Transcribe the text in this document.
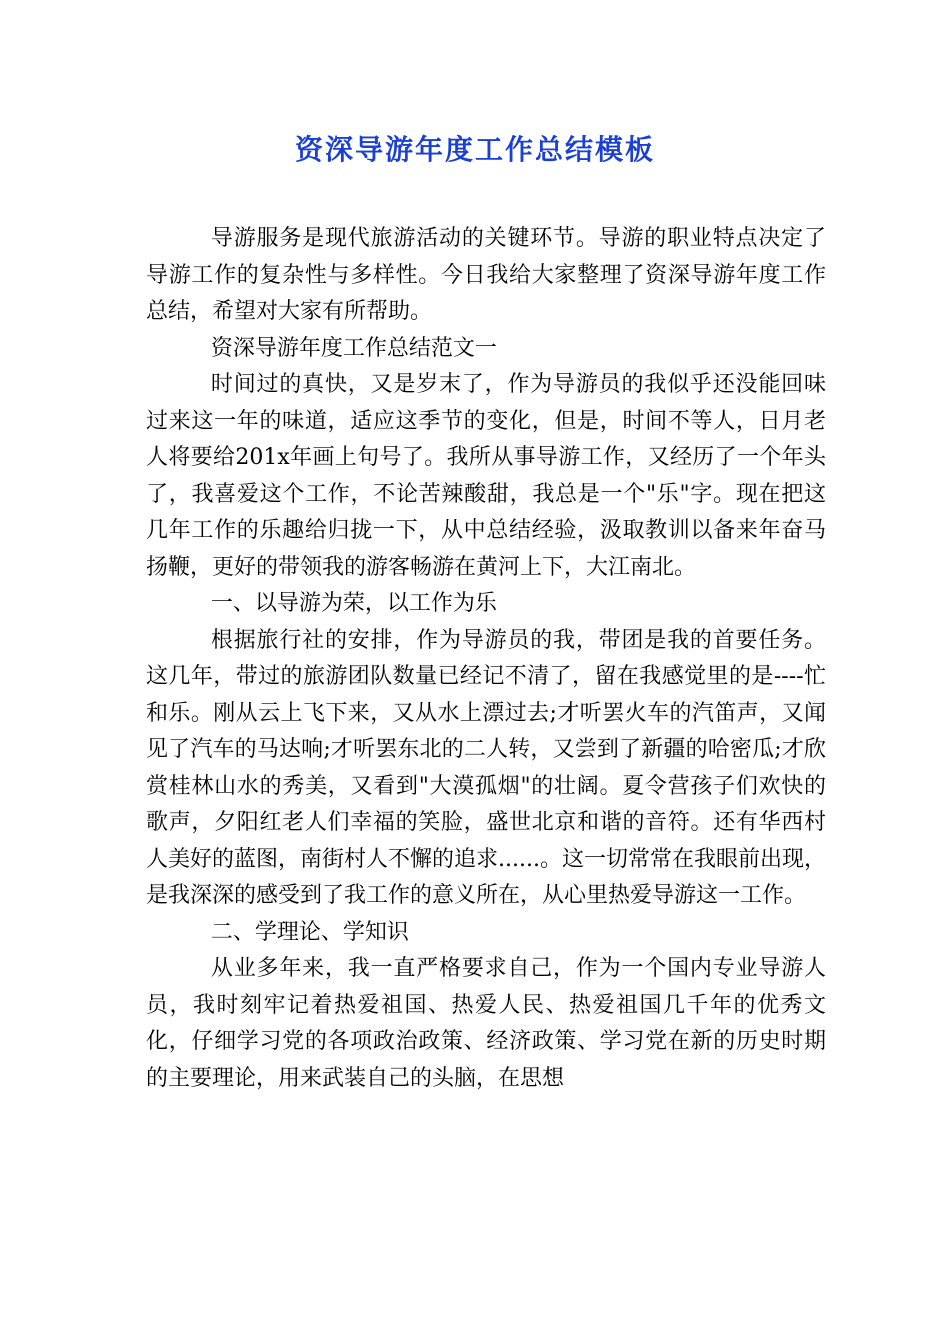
资深导游年度工作总结模板

导游服务是现代旅游活动的关键环节。导游的职业特点决定了导游工作的复杂性与多样性。今日我给大家整理了资深导游年度工作总结，希望对大家有所帮助。

资深导游年度工作总结范文一

时间过的真快，又是岁末了，作为导游员的我似乎还没能回味过来这一年的味道，适应这季节的变化，但是，时间不等人，日月老人将要给201x年画上句号了。我所从事导游工作，又经历了一个年头了，我喜爱这个工作，不论苦辣酸甜，我总是一个"乐"字。现在把这几年工作的乐趣给归拢一下，从中总结经验，汲取教训以备来年奋马扬鞭，更好的带领我的游客畅游在黄河上下，大江南北。

一、以导游为荣，以工作为乐

根据旅行社的安排，作为导游员的我，带团是我的首要任务。这几年，带过的旅游团队数量已经记不清了，留在我感觉里的是----忙和乐。刚从云上飞下来，又从水上漂过去;才听罢火车的汽笛声，又闻见了汽车的马达响;才听罢东北的二人转，又尝到了新疆的哈密瓜;才欣赏桂林山水的秀美，又看到"大漠孤烟"的壮阔。夏令营孩子们欢快的歌声，夕阳红老人们幸福的笑脸，盛世北京和谐的音符。还有华西村人美好的蓝图，南街村人不懈的追求......。这一切常常在我眼前出现，是我深深的感受到了我工作的意义所在，从心里热爱导游这一工作。

二、学理论、学知识

从业多年来，我一直严格要求自己，作为一个国内专业导游人员，我时刻牢记着热爱祖国、热爱人民、热爱祖国几千年的优秀文化，仔细学习党的各项政治政策、经济政策、学习党在新的历史时期的主要理论，用来武装自己的头脑，在思想
